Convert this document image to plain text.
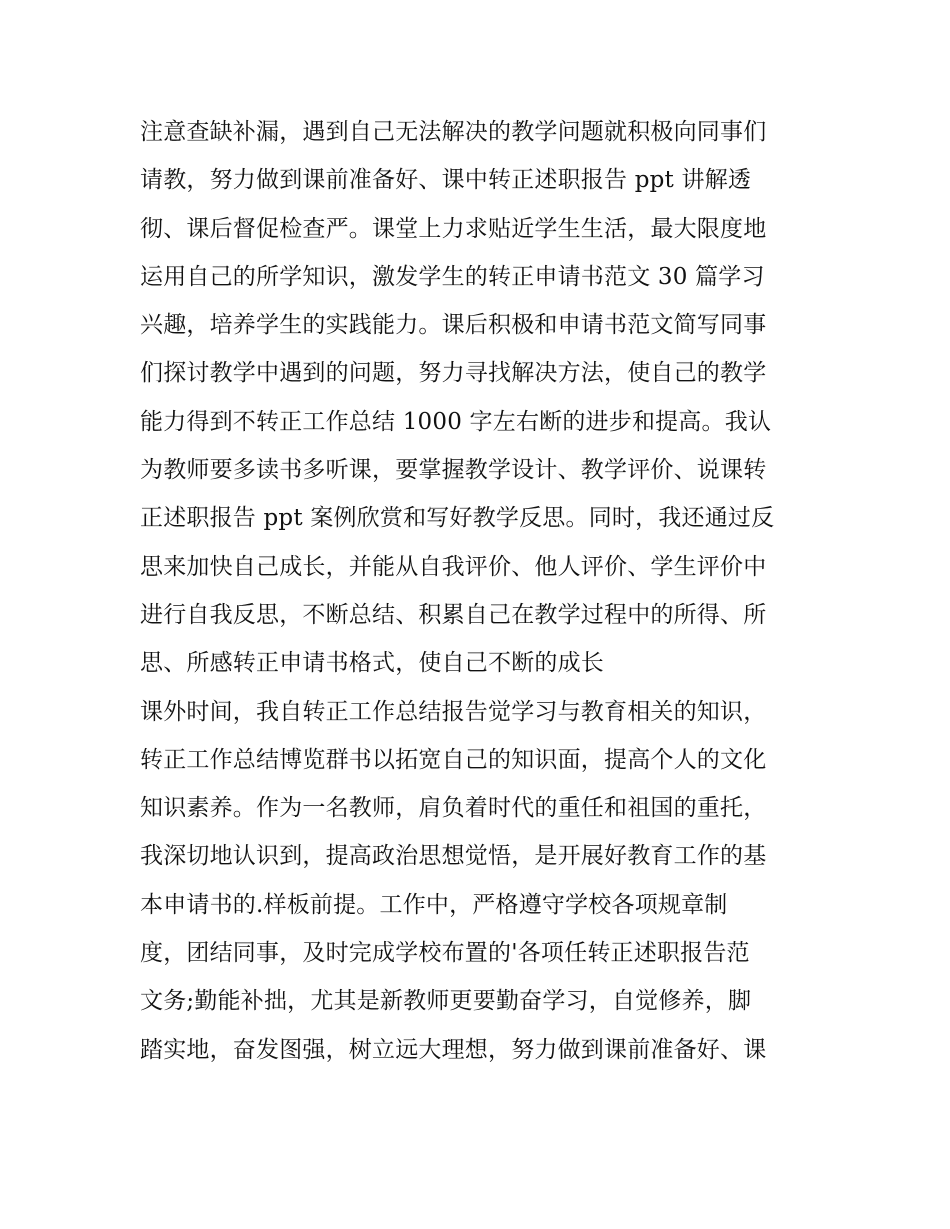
注意查缺补漏，遇到自己无法解决的教学问题就积极向同事们
请教，努力做到课前准备好、课中转正述职报告 ppt 讲解透
彻、课后督促检查严。课堂上力求贴近学生生活，最大限度地
运用自己的所学知识，激发学生的转正申请书范文 30 篇学习
兴趣，培养学生的实践能力。课后积极和申请书范文简写同事
们探讨教学中遇到的问题，努力寻找解决方法，使自己的教学
能力得到不转正工作总结 1000 字左右断的进步和提高。我认
为教师要多读书多听课，要掌握教学设计、教学评价、说课转
正述职报告 ppt 案例欣赏和写好教学反思。同时，我还通过反
思来加快自己成长，并能从自我评价、他人评价、学生评价中
进行自我反思，不断总结、积累自己在教学过程中的所得、所
思、所感转正申请书格式，使自己不断的成长
课外时间，我自转正工作总结报告觉学习与教育相关的知识，
转正工作总结博览群书以拓宽自己的知识面，提高个人的文化
知识素养。作为一名教师，肩负着时代的重任和祖国的重托，
我深切地认识到，提高政治思想觉悟，是开展好教育工作的基
本申请书的.样板前提。工作中，严格遵守学校各项规章制
度，团结同事，及时完成学校布置的'各项任转正述职报告范
文务;勤能补拙，尤其是新教师更要勤奋学习，自觉修养，脚
踏实地，奋发图强，树立远大理想，努力做到课前准备好、课
